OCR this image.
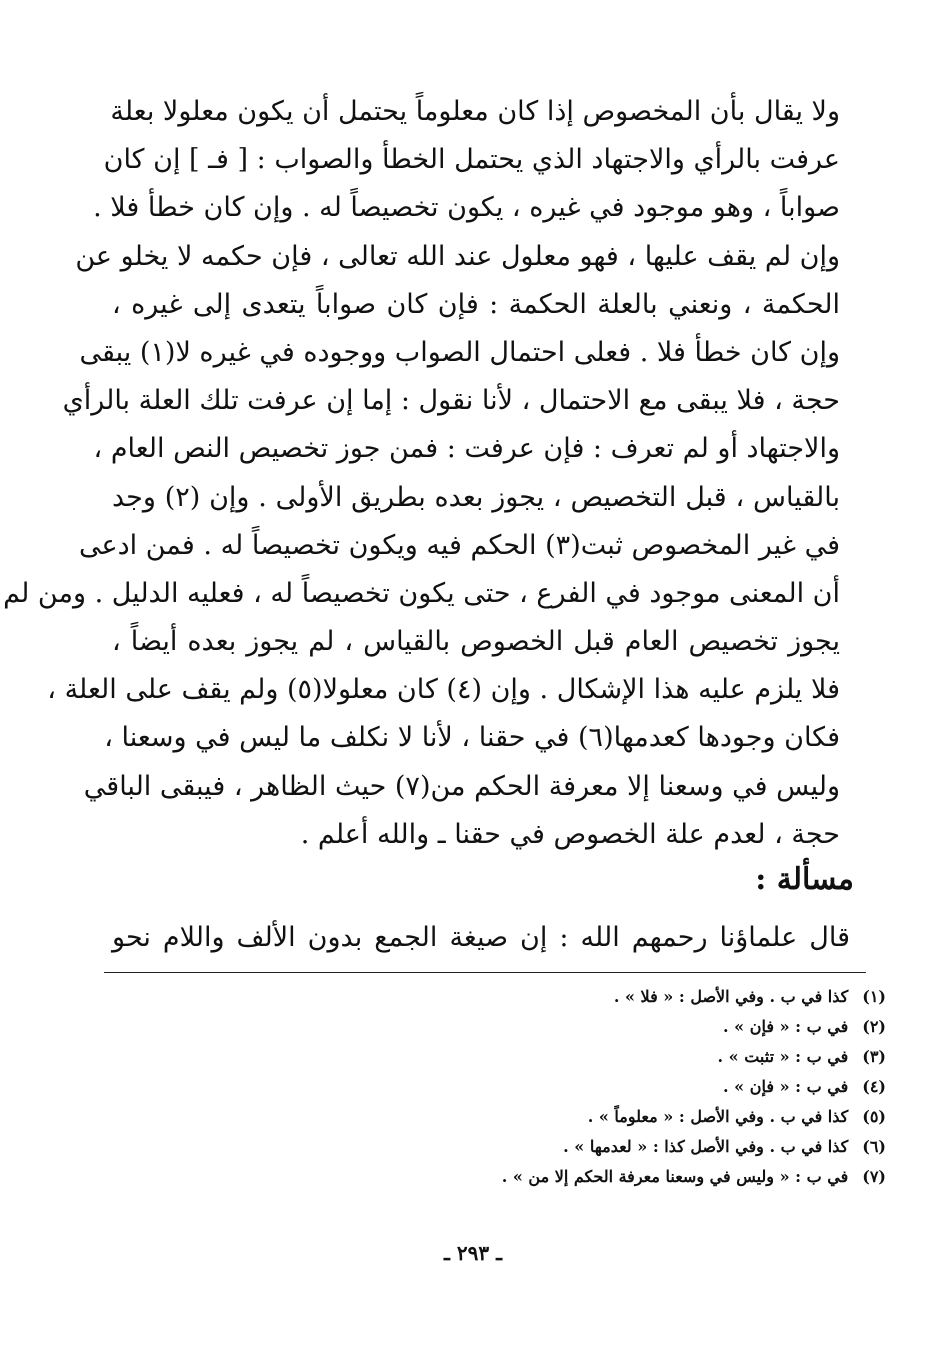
ولا يقال بأن المخصوص إذا كان معلوماً يحتمل أن يكون معلولا بعلة
عرفت بالرأي والاجتهاد الذي يحتمل الخطأ والصواب : [ فـ ] إن كان
صواباً ، وهو موجود في غيره ، يكون تخصيصاً له . وإن كان خطأ فلا .
وإن لم يقف عليها ، فهو معلول عند الله تعالى ، فإن حكمه لا يخلو عن
الحكمة ، ونعني بالعلة الحكمة : فإن كان صواباً يتعدى إلى غيره ،
وإن كان خطأ فلا . فعلى احتمال الصواب ووجوده في غيره لا(١) يبقى
حجة ، فلا يبقى مع الاحتمال ، لأنا نقول : إما إن عرفت تلك العلة بالرأي
والاجتهاد أو لم تعرف : فإن عرفت : فمن جوز تخصيص النص العام ،
بالقياس ، قبل التخصيص ، يجوز بعده بطريق الأولى . وإن (٢) وجد
في غير المخصوص ثبت(٣) الحكم فيه ويكون تخصيصاً له . فمن ادعى
أن المعنى موجود في الفرع ، حتى يكون تخصيصاً له ، فعليه الدليل . ومن لم
يجوز تخصيص العام قبل الخصوص بالقياس ، لم يجوز بعده أيضاً ،
فلا يلزم عليه هذا الإشكال . وإن (٤) كان معلولا(٥) ولم يقف على العلة ،
فكان وجودها كعدمها(٦) في حقنا ، لأنا لا نكلف ما ليس في وسعنا ،
وليس في وسعنا إلا معرفة الحكم من(٧) حيث الظاهر ، فيبقى الباقي
حجة ، لعدم علة الخصوص في حقنا ـ والله أعلم .
مسألة :
قال علماؤنا رحمهم الله : إن صيغة الجمع بدون الألف واللام نحو
(١)كذا في ب . وفي الأصل : « فلا » .
(٢)في ب : « فإن » .
(٣)في ب : « تثبت » .
(٤)في ب : « فإن » .
(٥)كذا في ب . وفي الأصل : « معلوماً » .
(٦)كذا في ب . وفي الأصل كذا : « لعدمها » .
(٧)في ب : « وليس في وسعنا معرفة الحكم إلا من » .
ـ ٢٩٣ ـ
